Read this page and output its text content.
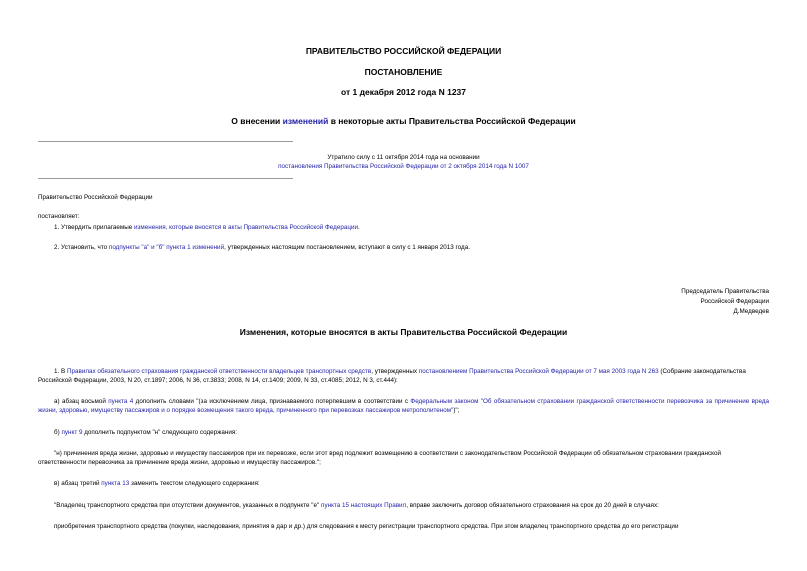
ПРАВИТЕЛЬСТВО РОССИЙСКОЙ ФЕДЕРАЦИИ
ПОСТАНОВЛЕНИЕ
от 1 декабря 2012 года N 1237
О внесении изменений в некоторые акты Правительства Российской Федерации
Утратило силу с 11 октября 2014 года на основании
постановления Правительства Российской Федерации от 2 октября 2014 года N 1007
Правительство Российской Федерации
постановляет:
1. Утвердить прилагаемые изменения, которые вносятся в акты Правительства Российской Федерации.
2. Установить, что подпункты "а" и "б" пункта 1 изменений, утвержденных настоящим постановлением, вступают в силу с 1 января 2013 года.
Председатель Правительства
Российской Федерации
Д.Медведев
Изменения, которые вносятся в акты Правительства Российской Федерации
1. В Правилах обязательного страхования гражданской ответственности владельцев транспортных средств, утвержденных постановлением Правительства Российской Федерации от 7 мая 2003 года N 263 (Собрание законодательства Российской Федерации, 2003, N 20, ст.1897; 2006, N 36, ст.3833; 2008, N 14, ст.1409; 2009, N 33, ст.4085; 2012, N 3, ст.444):
а) абзац восьмой пункта 4 дополнить словами "(за исключением лица, признаваемого потерпевшим в соответствии с Федеральным законом "Об обязательном страховании гражданской ответственности перевозчика за причинение вреда жизни, здоровью, имуществу пассажиров и о порядке возмещения такого вреда, причиненного при перевозках пассажиров метрополитеном")";
б) пункт 9 дополнить подпунктом "н" следующего содержания:
"н) причинения вреда жизни, здоровью и имуществу пассажиров при их перевозке, если этот вред подлежит возмещению в соответствии с законодательством Российской Федерации об обязательном страховании гражданской ответственности перевозчика за причинение вреда жизни, здоровью и имуществу пассажиров.";
в) абзац третий пункта 13 заменить текстом следующего содержания:
"Владелец транспортного средства при отсутствии документов, указанных в подпункте "е" пункта 15 настоящих Правил, вправе заключить договор обязательного страхования на срок до 20 дней в случаях:
приобретения транспортного средства (покупки, наследования, принятия в дар и др.) для следования к месту регистрации транспортного средства. При этом владелец транспортного средства до его регистрации
